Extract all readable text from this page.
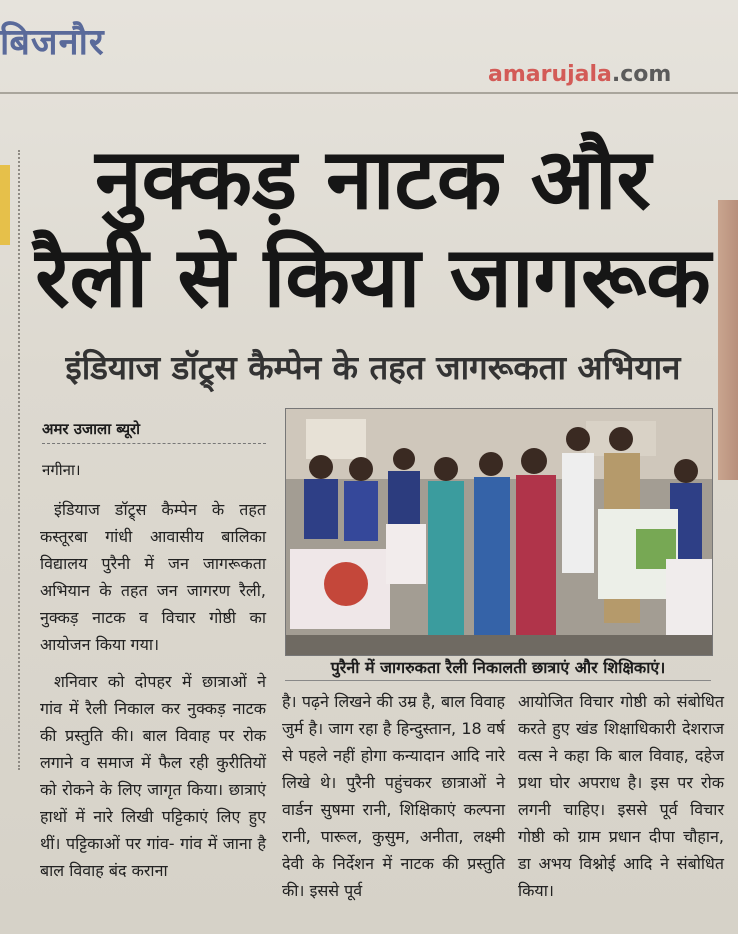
बिजनौर
amarujala.com
नुक्कड़ नाटक और रैली से किया जागरूक
इंडियाज डॉट्र्स कैम्पेन के तहत जागरूकता अभियान
अमर उजाला ब्यूरो
नगीना।

इंडियाज डॉट्र्स कैम्पेन के तहत कस्तूरबा गांधी आवासीय बालिका विद्यालय पुरैनी में जन जागरूकता अभियान के तहत जन जागरण रैली, नुक्कड़ नाटक व विचार गोष्ठी का आयोजन किया गया।

शनिवार को दोपहर में छात्राओं ने गांव में रैली निकाल कर नुक्कड़ नाटक की प्रस्तुति की। बाल विवाह पर रोक लगाने व समाज में फैल रही कुरीतियों को रोकने के लिए जागृत किया। छात्राएं हाथों में नारे लिखी पट्टिकाएं लिए हुए थीं। पट्टिकाओं पर गांव- गांव में जाना है बाल विवाह बंद कराना

पुरैनी में जागरुकता रैली निकालती छात्राएं और शिक्षिकाएं।

है। पढ़ने लिखने की उम्र है, बाल विवाह जुर्म है। जाग रहा है हिन्दुस्तान, 18 वर्ष से पहले नहीं होगा कन्यादान आदि नारे लिखे थे। पुरैनी पहुंचकर छात्राओं ने वार्डन सुषमा रानी, शिक्षिकाएं कल्पना रानी, पारूल, कुसुम, अनीता, लक्ष्मी देवी के निर्देशन में नाटक की प्रस्तुति की। इससे पूर्व

आयोजित विचार गोष्ठी को संबोधित करते हुए खंड शिक्षाधिकारी देशराज वत्स ने कहा कि बाल विवाह, दहेज प्रथा घोर अपराध है। इस पर रोक लगनी चाहिए। इससे पूर्व विचार गोष्ठी को ग्राम प्रधान दीपा चौहान, डा अभय विश्नोई आदि ने संबोधित किया।
